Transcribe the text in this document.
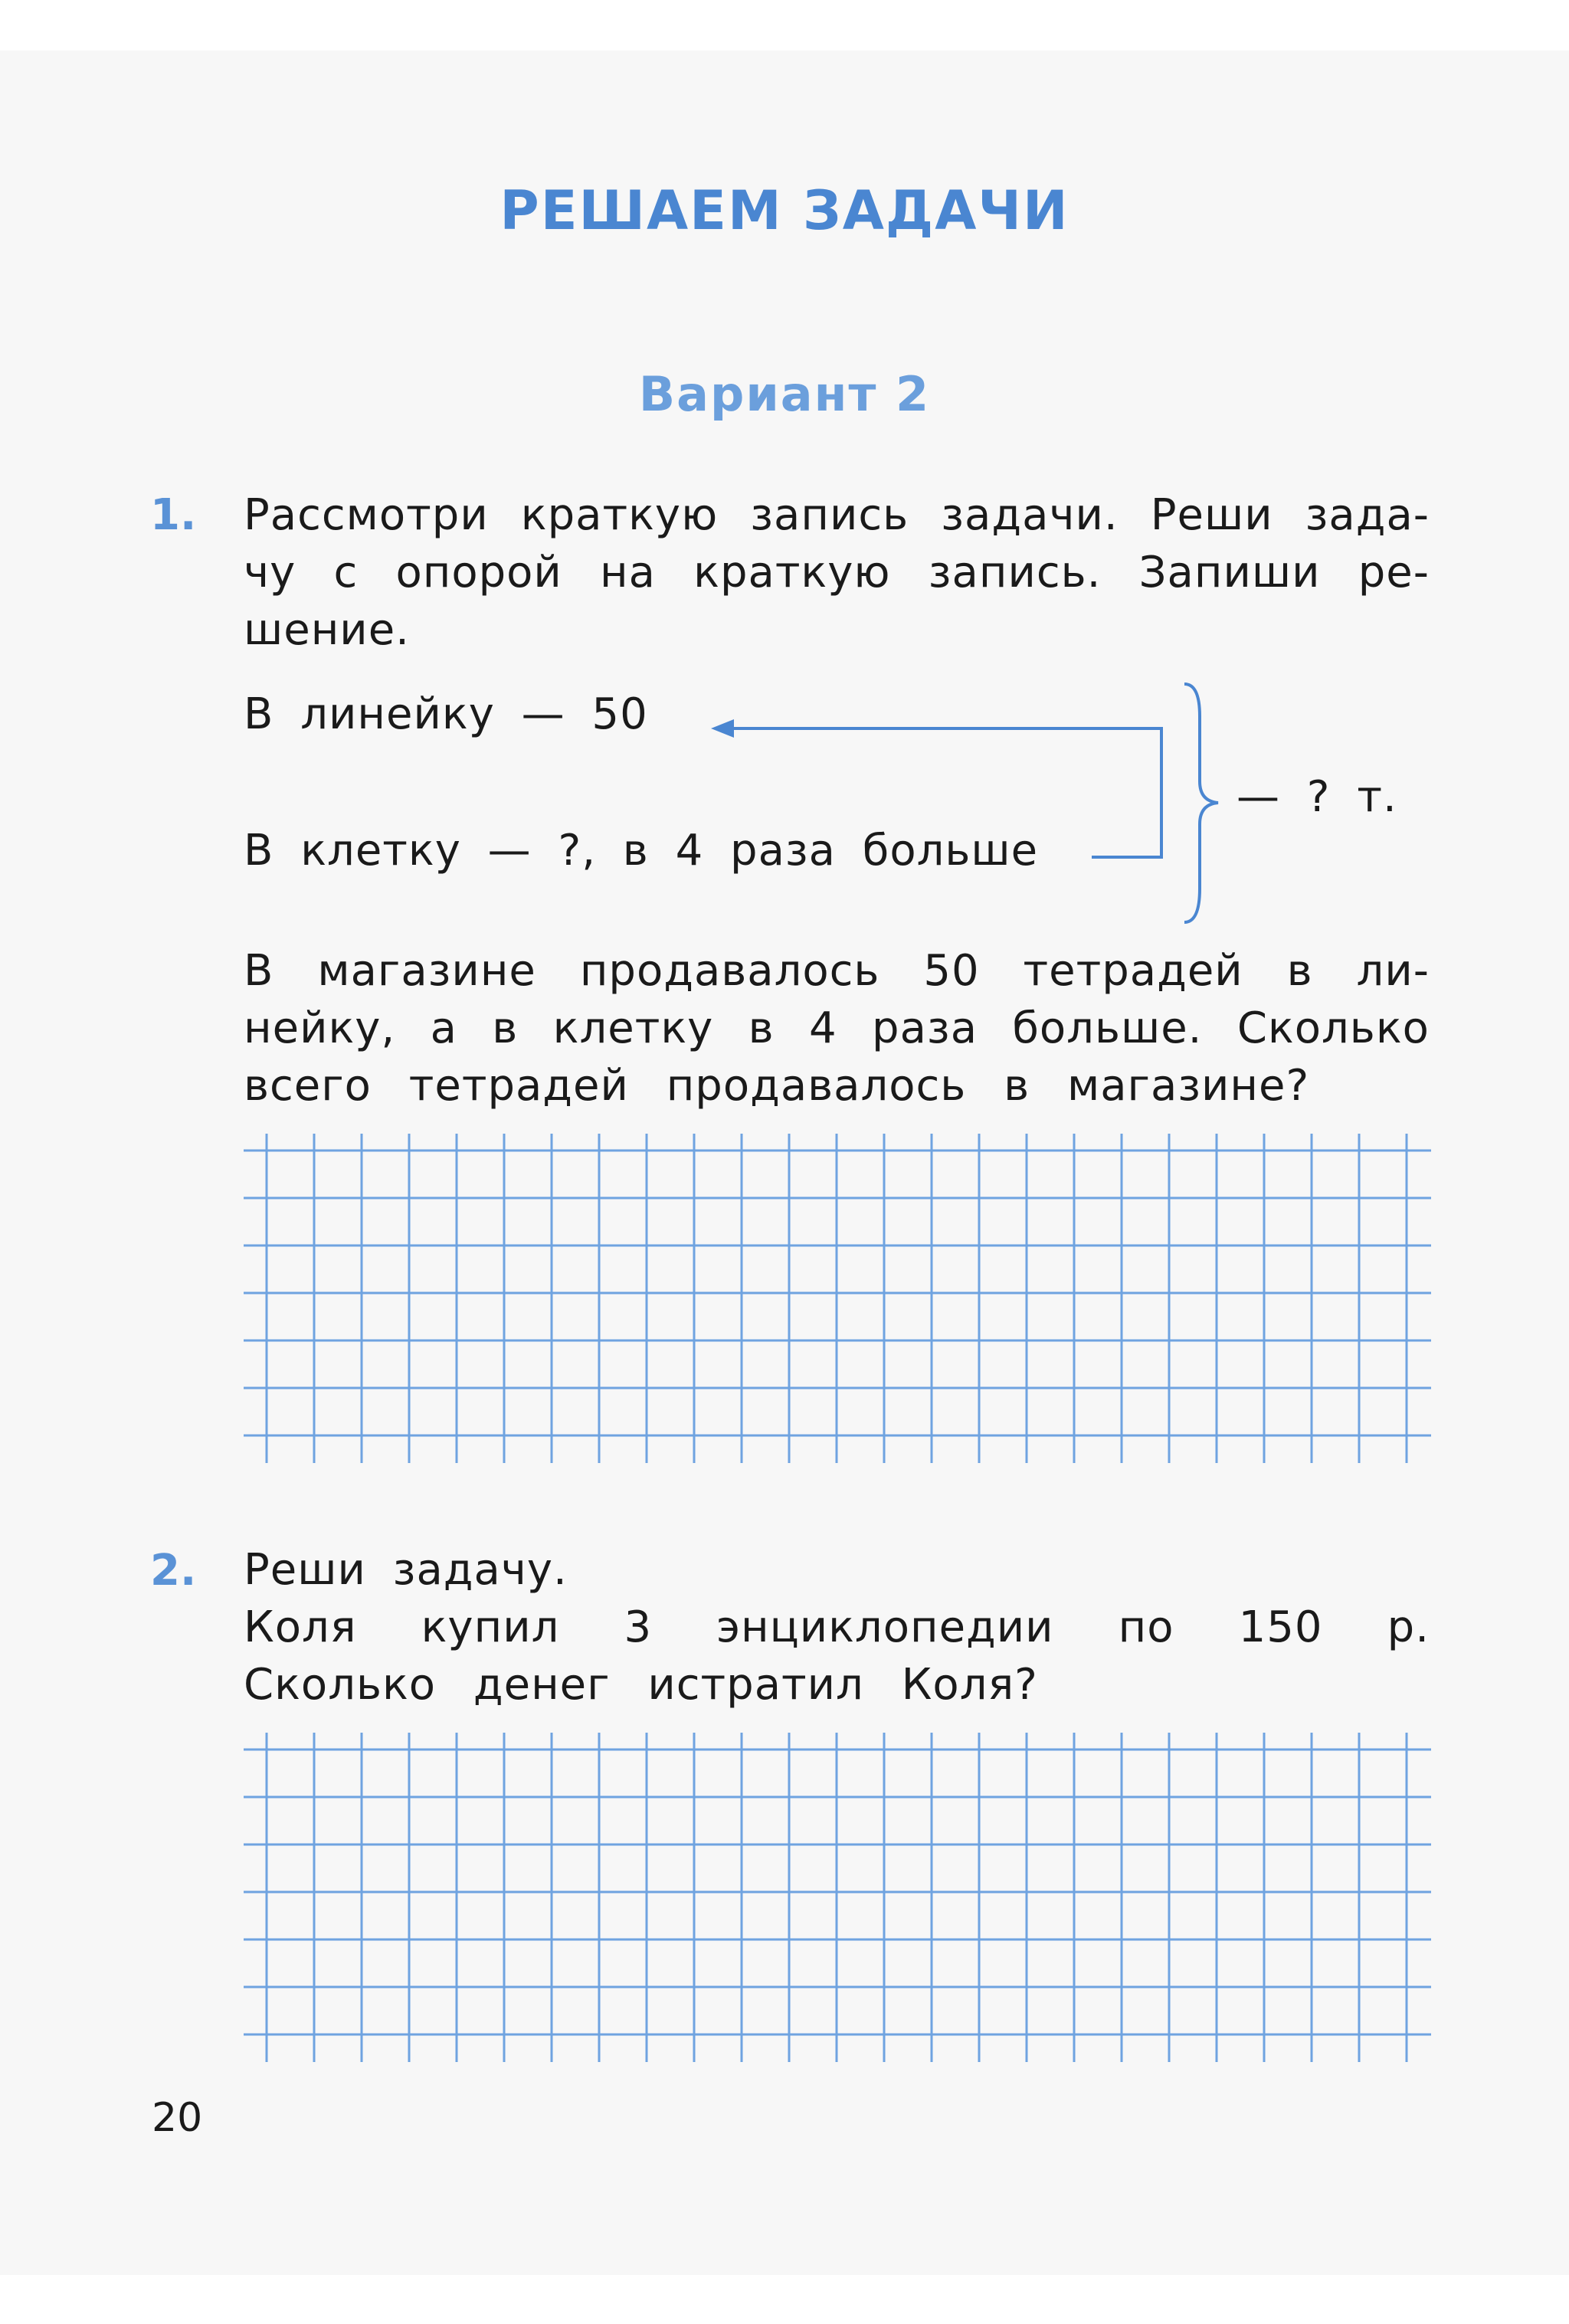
РЕШАЕМ ЗАДАЧИ
Вариант 2
1. Рассмотри краткую запись задачи. Реши зада-
чу с опорой на краткую запись. Запиши ре-
шение.
В линейку — 50
В клетку — ?, в 4 раза больше
— ? т.
В магазине продавалось 50 тетрадей в ли-
нейку, а в клетку в 4 раза больше. Сколько
всего тетрадей продавалось в магазине?
2. Реши задачу.
Коля купил 3 энциклопедии по 150 р.
Сколько денег истратил Коля?
20
